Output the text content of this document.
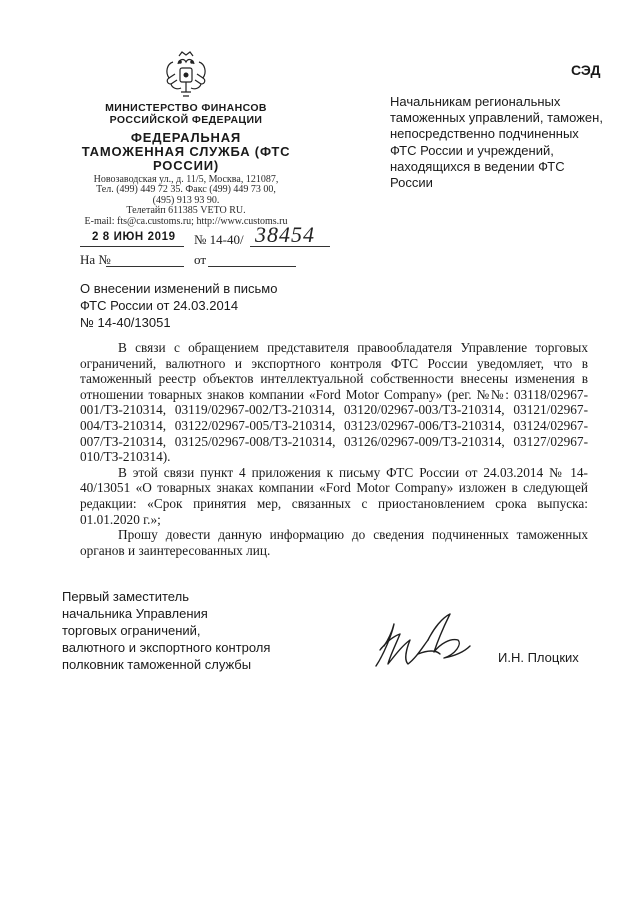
СЭД
МИНИСТЕРСТВО ФИНАНСОВ РОССИЙСКОЙ ФЕДЕРАЦИИ
ФЕДЕРАЛЬНАЯ ТАМОЖЕННАЯ СЛУЖБА (ФТС РОССИИ)
Новозаводская ул., д. 11/5, Москва, 121087,
Тел. (499) 449 72 35. Факс (499) 449 73 00,
(495) 913 93 90.
Телетайп 611385 VETO RU.
E-mail: fts@ca.customs.ru; http://www.customs.ru
2 8 ИЮН 2019 № 14-40/ 38454
На №	от
Начальникам региональных таможенных управлений, таможен, непосредственно подчиненных ФТС России и учреждений, находящихся в ведении ФТС России
О внесении изменений в письмо
ФТС России от 24.03.2014
№ 14-40/13051

В связи с обращением представителя правообладателя Управление торговых ограничений, валютного и экспортного контроля ФТС России уведомляет, что в таможенный реестр объектов интеллектуальной собственности внесены изменения в отношении товарных знаков компании «Ford Motor Company» (рег. №№: 03118/02967-001/ТЗ-210314, 03119/02967-002/ТЗ-210314, 03120/02967-003/ТЗ-210314, 03121/02967-004/ТЗ-210314, 03122/02967-005/ТЗ-210314, 03123/02967-006/ТЗ-210314, 03124/02967-007/ТЗ-210314, 03125/02967-008/ТЗ-210314, 03126/02967-009/ТЗ-210314, 03127/02967-010/ТЗ-210314).

В этой связи пункт 4 приложения к письму ФТС России от 24.03.2014 № 14-40/13051 «О товарных знаках компании «Ford Motor Company» изложен в следующей редакции: «Срок принятия мер, связанных с приостановлением срока выпуска: 01.01.2020 г.»;

Прошу довести данную информацию до сведения подчиненных таможенных органов и заинтересованных лиц.

Первый заместитель
начальника Управления
торговых ограничений,
валютного и экспортного контроля
полковник таможенной службы	И.Н. Плоцких
